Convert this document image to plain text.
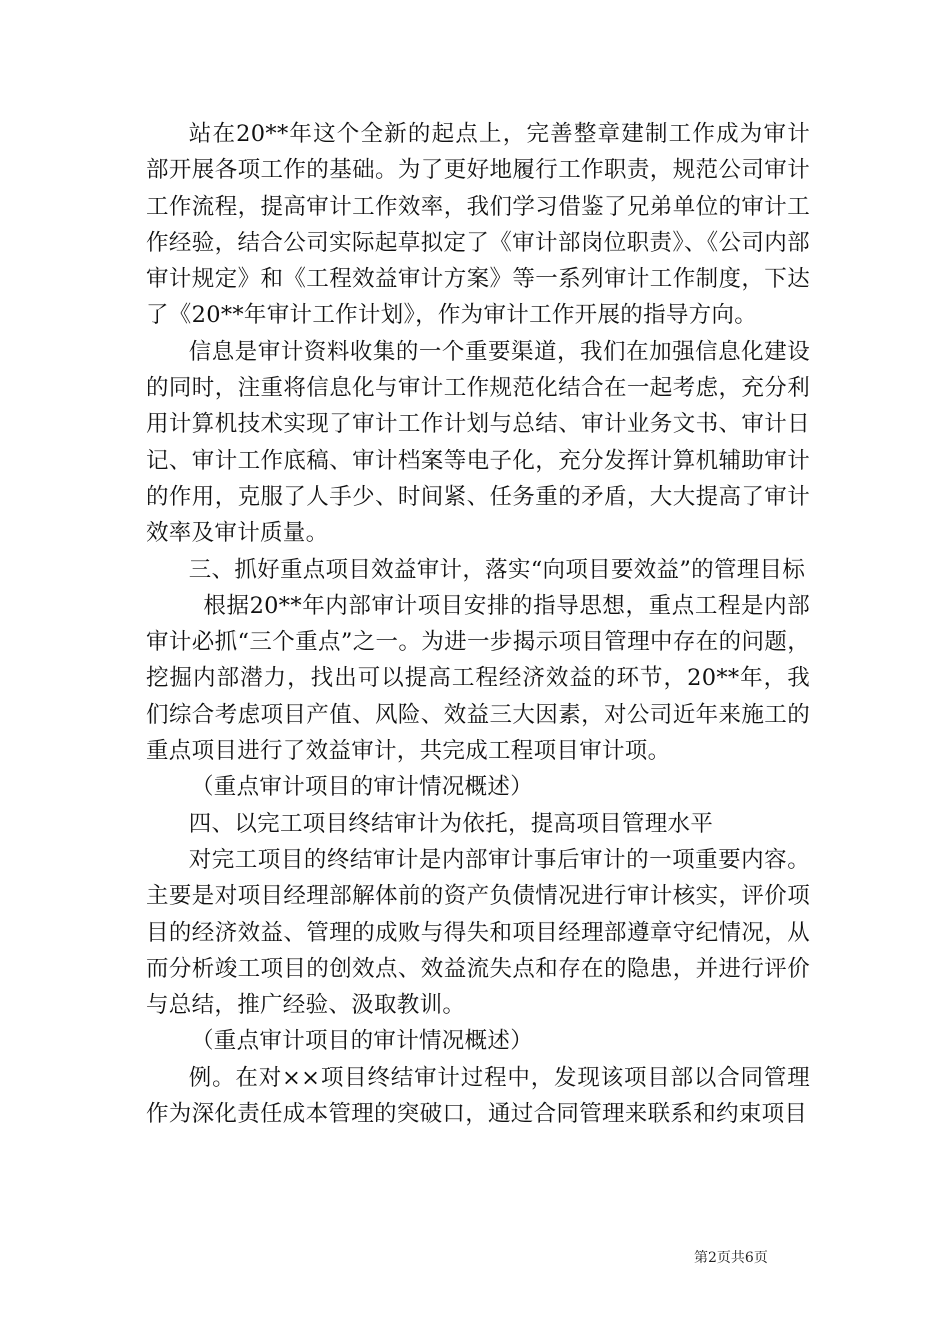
站在20**年这个全新的起点上，完善整章建制工作成为审计部开展各项工作的基础。为了更好地履行工作职责，规范公司审计工作流程，提高审计工作效率，我们学习借鉴了兄弟单位的审计工作经验，结合公司实际起草拟定了《审计部岗位职责》、《公司内部审计规定》和《工程效益审计方案》等一系列审计工作制度，下达了《20**年审计工作计划》，作为审计工作开展的指导方向。

信息是审计资料收集的一个重要渠道，我们在加强信息化建设的同时，注重将信息化与审计工作规范化结合在一起考虑，充分利用计算机技术实现了审计工作计划与总结、审计业务文书、审计日记、审计工作底稿、审计档案等电子化，充分发挥计算机辅助审计的作用，克服了人手少、时间紧、任务重的矛盾，大大提高了审计效率及审计质量。

三、抓好重点项目效益审计，落实“向项目要效益”的管理目标

根据20**年内部审计项目安排的指导思想，重点工程是内部审计必抓“三个重点”之一。为进一步揭示项目管理中存在的问题，挖掘内部潜力，找出可以提高工程经济效益的环节，20**年，我们综合考虑项目产值、风险、效益三大因素，对公司近年来施工的重点项目进行了效益审计，共完成工程项目审计项。

（重点审计项目的审计情况概述）

四、以完工项目终结审计为依托，提高项目管理水平

对完工项目的终结审计是内部审计事后审计的一项重要内容。主要是对项目经理部解体前的资产负债情况进行审计核实，评价项目的经济效益、管理的成败与得失和项目经理部遵章守纪情况，从而分析竣工项目的创效点、效益流失点和存在的隐患，并进行评价与总结，推广经验、汲取教训。

（重点审计项目的审计情况概述）

例。在对××项目终结审计过程中，发现该项目部以合同管理作为深化责任成本管理的突破口，通过合同管理来联系和约束项目

第2页共6页
